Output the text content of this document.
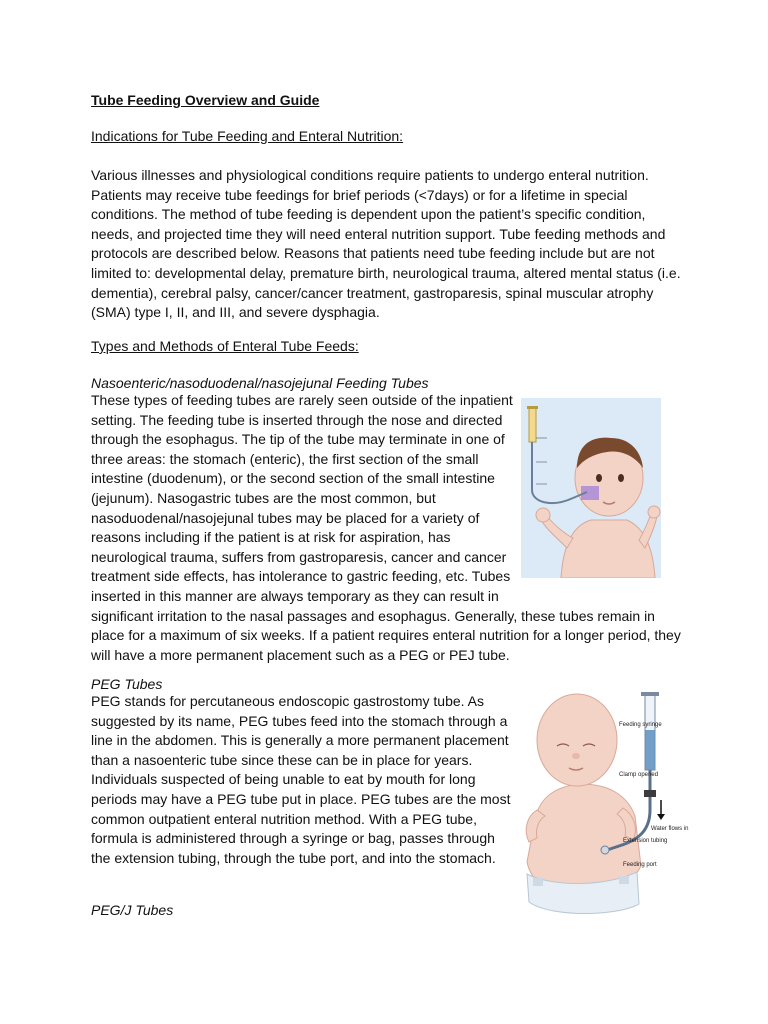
Tube Feeding Overview and Guide
Indications for Tube Feeding and Enteral Nutrition:

Various illnesses and physiological conditions require patients to undergo enteral nutrition.
Patients may receive tube feedings for brief periods (<7days) or for a lifetime in special
conditions. The method of tube feeding is dependent upon the patient’s specific condition,
needs, and projected time they will need enteral nutrition support. Tube feeding methods and
protocols are described below. Reasons that patients need tube feeding include but are not
limited to: developmental delay, premature birth, neurological trauma, altered mental status (i.e.
dementia), cerebral palsy, cancer/cancer treatment, gastroparesis, spinal muscular atrophy
(SMA) type I, II, and III, and severe dysphagia.

Types and Methods of Enteral Tube Feeds:
Nasoenteric/nasoduodenal/nasojejunal Feeding Tubes

These types of feeding tubes are rarely seen outside of the inpatient
setting. The feeding tube is inserted through the nose and directed
through the esophagus. The tip of the tube may terminate in one of
three areas: the stomach (enteric), the first section of the small
intestine (duodenum), or the second section of the small intestine
(jejunum). Nasogastric tubes are the most common, but
nasoduodenal/nasojejunal tubes may be placed for a variety of
reasons including if the patient is at risk for aspiration, has
neurological trauma, suffers from gastroparesis, cancer and cancer
treatment side effects, has intolerance to gastric feeding, etc. Tubes
inserted in this manner are always temporary as they can result in
significant irritation to the nasal passages and esophagus. Generally, these tubes remain in
place for a maximum of six weeks. If a patient requires enteral nutrition for a longer period, they
will have a more permanent placement such as a PEG or PEJ tube.

PEG Tubes

PEG stands for percutaneous endoscopic gastrostomy tube. As
suggested by its name, PEG tubes feed into the stomach through a
line in the abdomen. This is generally a more permanent placement
than a nasoenteric tube since these can be in place for years.
Individuals suspected of being unable to eat by mouth for long
periods may have a PEG tube put in place. PEG tubes are the most
common outpatient enteral nutrition method. With a PEG tube,
formula is administered through a syringe or bag, passes through
the extension tubing, through the tube port, and into the stomach.

Feeding syringe
Clamp opened
Water flows in
Extension tubing
Feeding port
PEG/J Tubes
